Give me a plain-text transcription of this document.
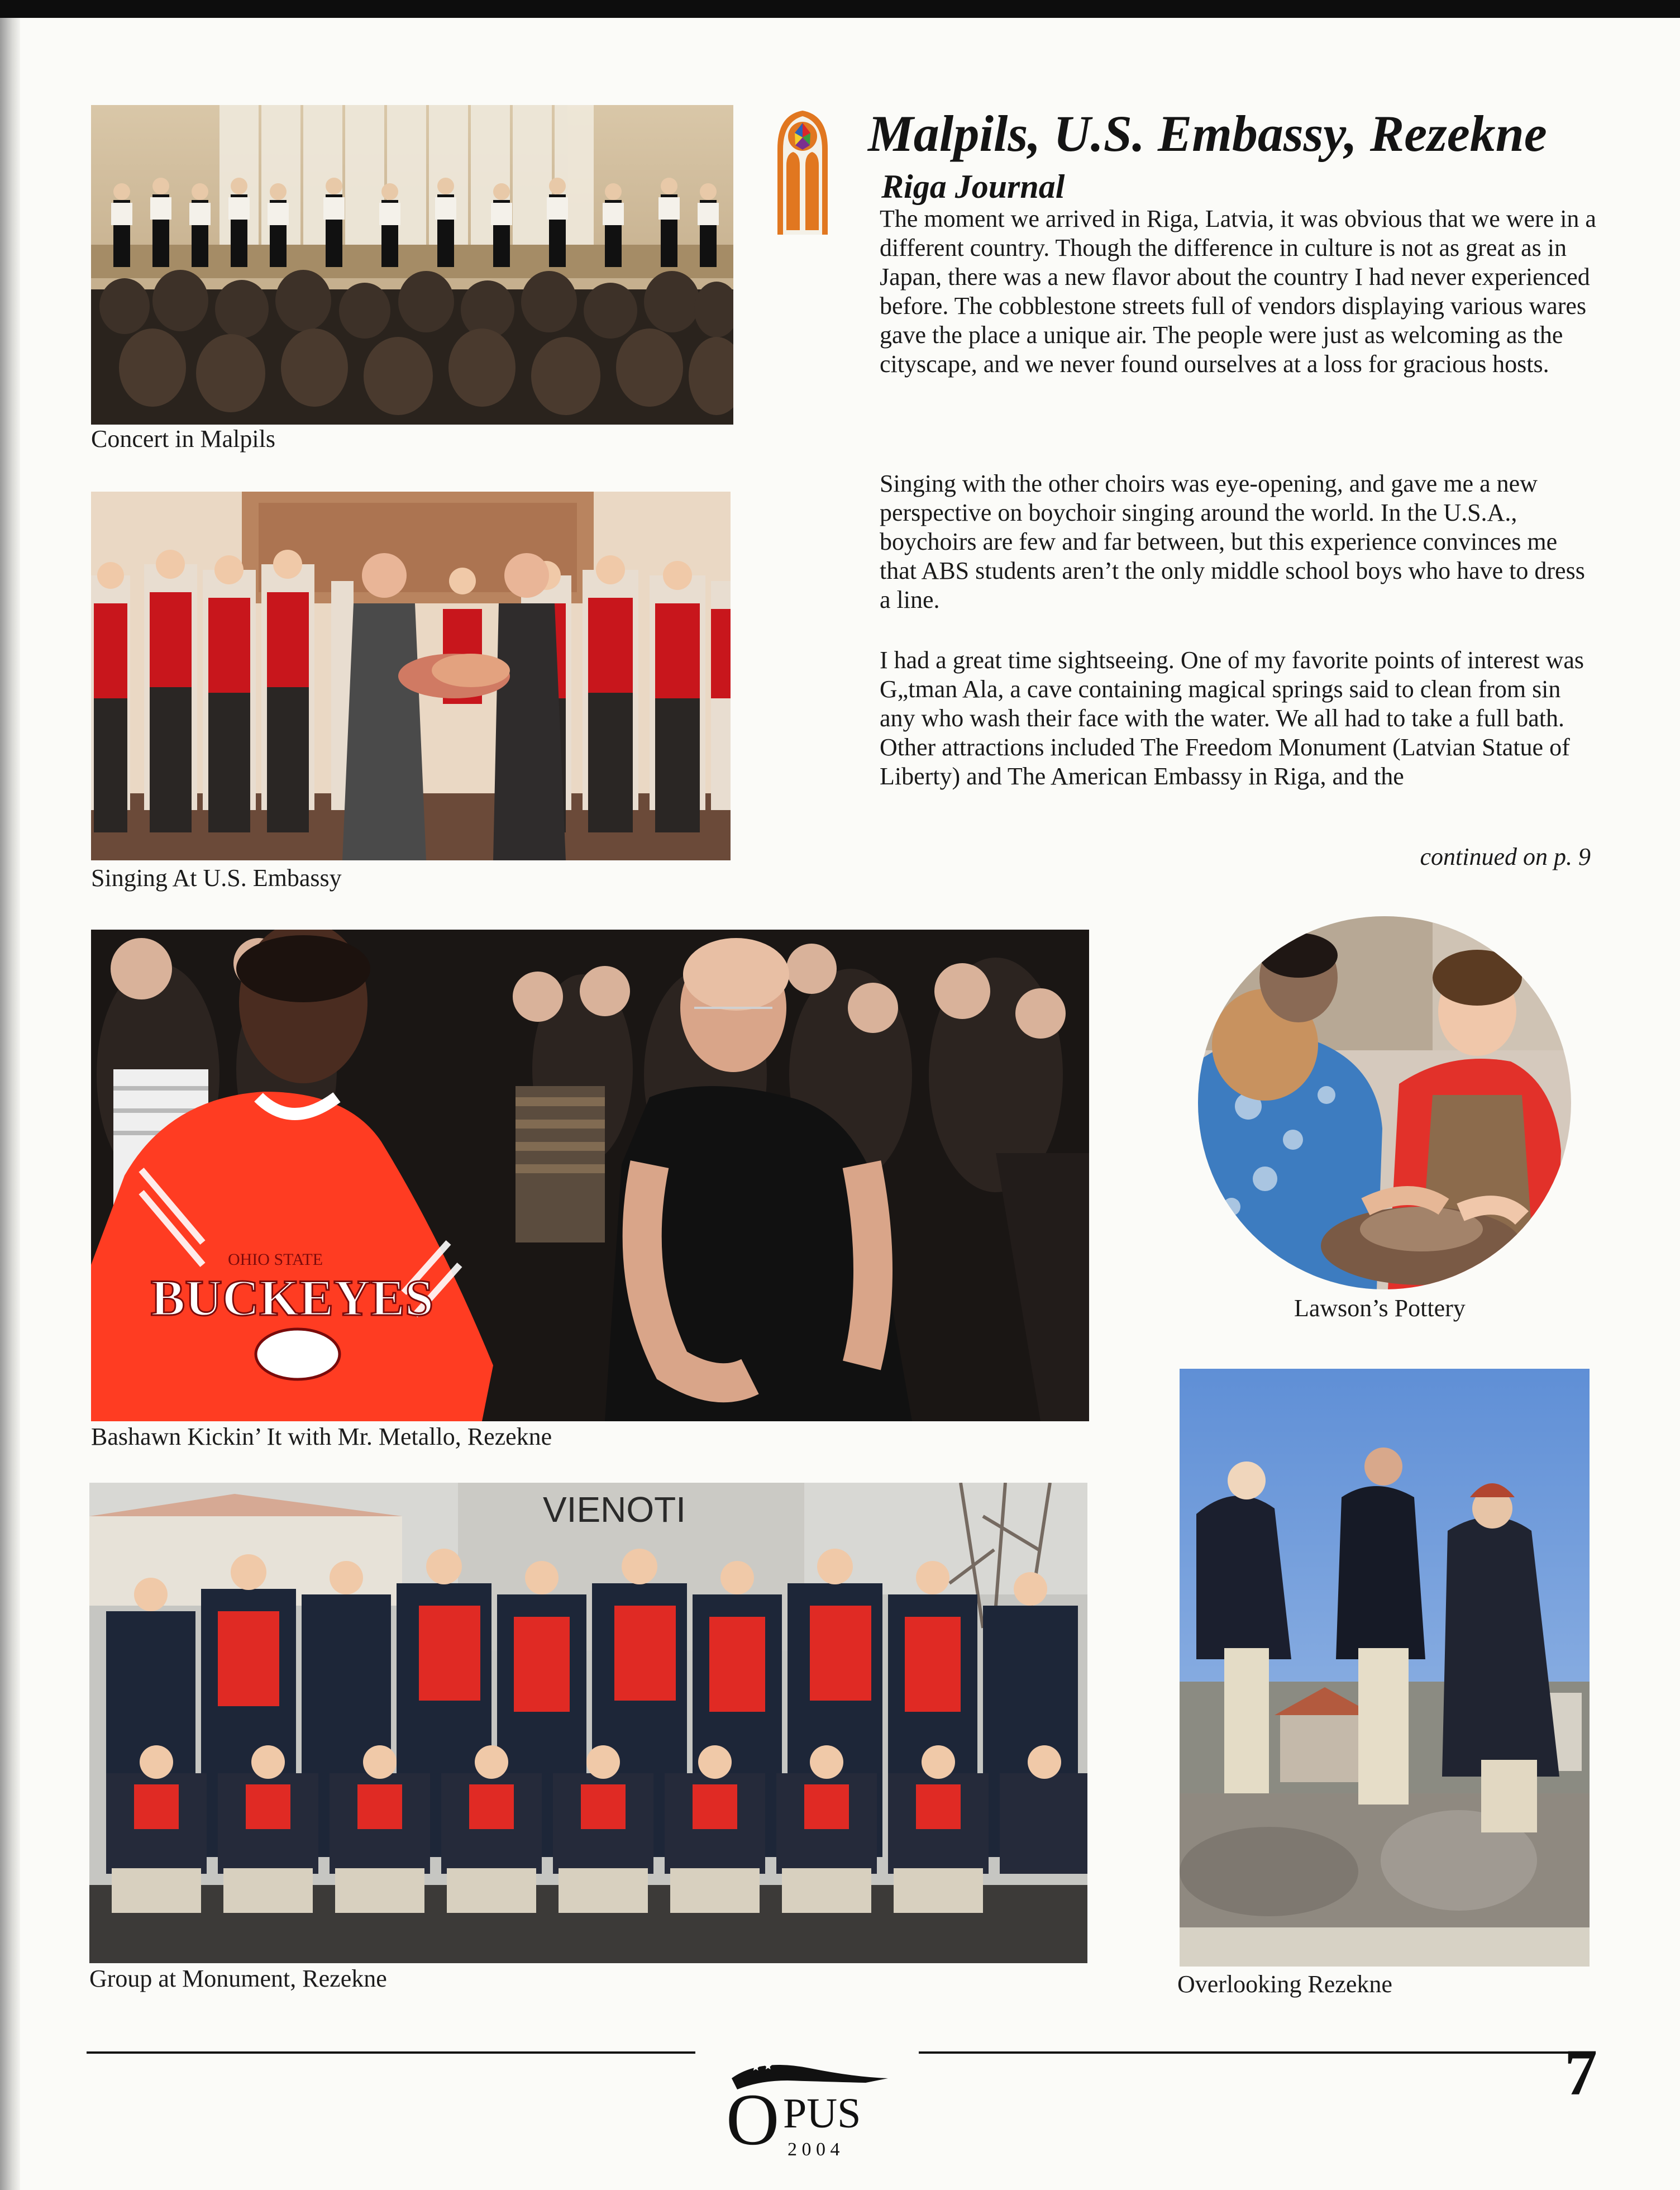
Concert in Malpils
Singing At U.S. Embassy
Malpils, U.S. Embassy, Rezekne
Riga Journal

The moment we arrived in Riga, Latvia, it was obvious that we were in a different country. Though the difference in culture is not as great as in Japan, there was a new flavor about the country I had never experienced before. The cobblestone streets full of vendors displaying various wares gave the place a unique air. The people were just as welcoming as the cityscape, and we never found ourselves at a loss for gracious hosts.

Singing with the other choirs was eye-opening, and gave me a new perspective on boychoir singing around the world. In the U.S.A., boychoirs are few and far between, but this experience convinces me that ABS students aren’t the only middle school boys who have to dress a line.

I had a great time sightseeing. One of my favorite points of interest was G„tman Ala, a cave containing magical springs said to clean from sin any who wash their face with the water. We all had to take a full bath. Other attractions included The Freedom Monument (Latvian Statue of Liberty) and The American Embassy in Riga, and the

continued on p. 9
OHIO STATE
BUCKEYES
Bashawn Kickin’ It with Mr. Metallo, Rezekne
Lawson’s Pottery
VIENOTI
Group at Monument, Rezekne	Overlooking Rezekne
O PUS
2 0 0 4
7
